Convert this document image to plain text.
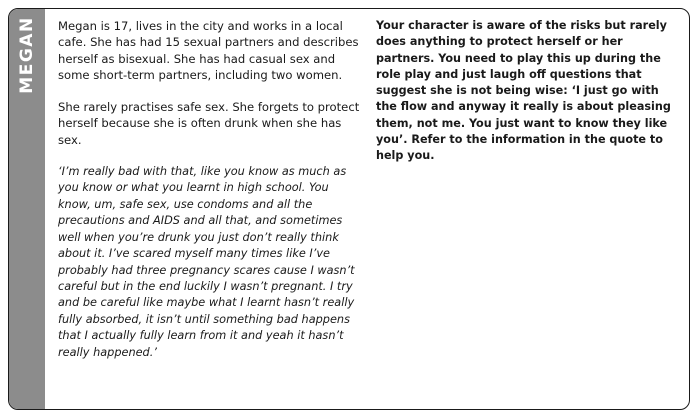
MEGAN Megan is 17, lives in the city and works in a local cafe. She has had 15 sexual partners and describes herself as bisexual. She has had casual sex and some short-term partners, including two women.

She rarely practises safe sex. She forgets to protect herself because she is often drunk when she has sex.

‘I’m really bad with that, like you know as much as you know or what you learnt in high school. You know, um, safe sex, use condoms and all the precautions and AIDS and all that, and sometimes well when you’re drunk you just don’t really think about it. I’ve scared myself many times like I’ve probably had three pregnancy scares cause I wasn’t careful but in the end luckily I wasn’t pregnant. I try and be careful like maybe what I learnt hasn’t really fully absorbed, it isn’t until something bad happens that I actually fully learn from it and yeah it hasn’t really happened.’

Your character is aware of the risks but rarely does anything to protect herself or her partners. You need to play this up during the role play and just laugh off questions that suggest she is not being wise: ‘I just go with the flow and anyway it really is about pleasing them, not me. You just want to know they like you’. Refer to the information in the quote to help you.
